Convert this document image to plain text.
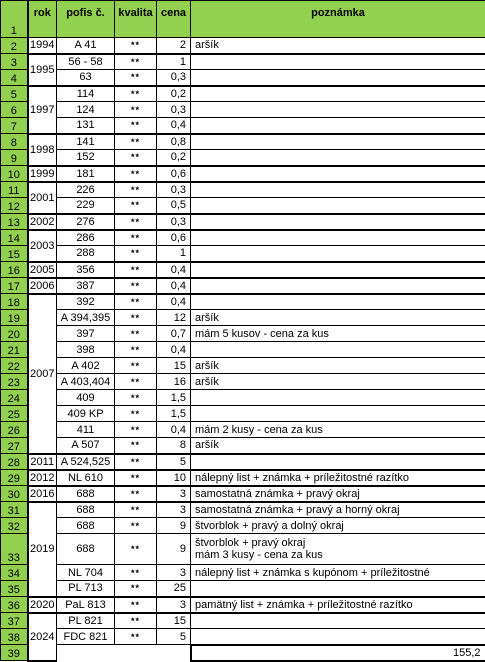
1	rok	pofis č.	kvalita	cena	poznámka	
2	1994	A 41	**	2	aršík	
3	1995	56 - 58	**	1		
4		63	**	0,3		
5	1997	114	**	0,2		
6		124	**	0,3		
7		131	**	0,4		
8	1998	141	**	0,8		
9		152	**	0,2		
10	1999	181	**	0,6		
11	2001	226	**	0,3		
12		229	**	0,5		
13	2002	276	**	0,3		
14	2003	286	**	0,6		
15		288	**	1		
16	2005	356	**	0,4		
17	2006	387	**	0,4		
18	2007	392	**	0,4		
19		A 394,395	**	12	aršík	
20		397	**	0,7	mám 5 kusov - cena za kus	
21		398	**	0,4		
22		A 402	**	15	aršík	
23		A 403,404	**	16	aršík	
24		409	**	1,5		
25		409 KP	**	1,5		
26		411	**	0,4	mám 2 kusy - cena za kus	
27		A 507	**	8	aršík	
28	2011	A 524,525	**	5		
29	2012	NL 610	**	10	nálepný list + známka + príležitostné razítko	
30	2016	688	**	3	samostatná známka + pravý okraj	
31	2019	688	**	3	samostatná známka + pravý a horný okraj	
32		688	**	9	štvorblok + pravý a dolný okraj	
33		688	**	9	štvorblok + pravý okraj
mám 3 kusy - cena za kus	

34		NL 704	**	3	nálepný list + známka s kupónom + príležitostné	
35		PL 713	**	25		
36	2020	PaL 813	**	3	pamätný list + známka + príležitostné razítko	
37	2024	PL 821	**	15		
38		FDC 821	**	5		
39					155,2	
